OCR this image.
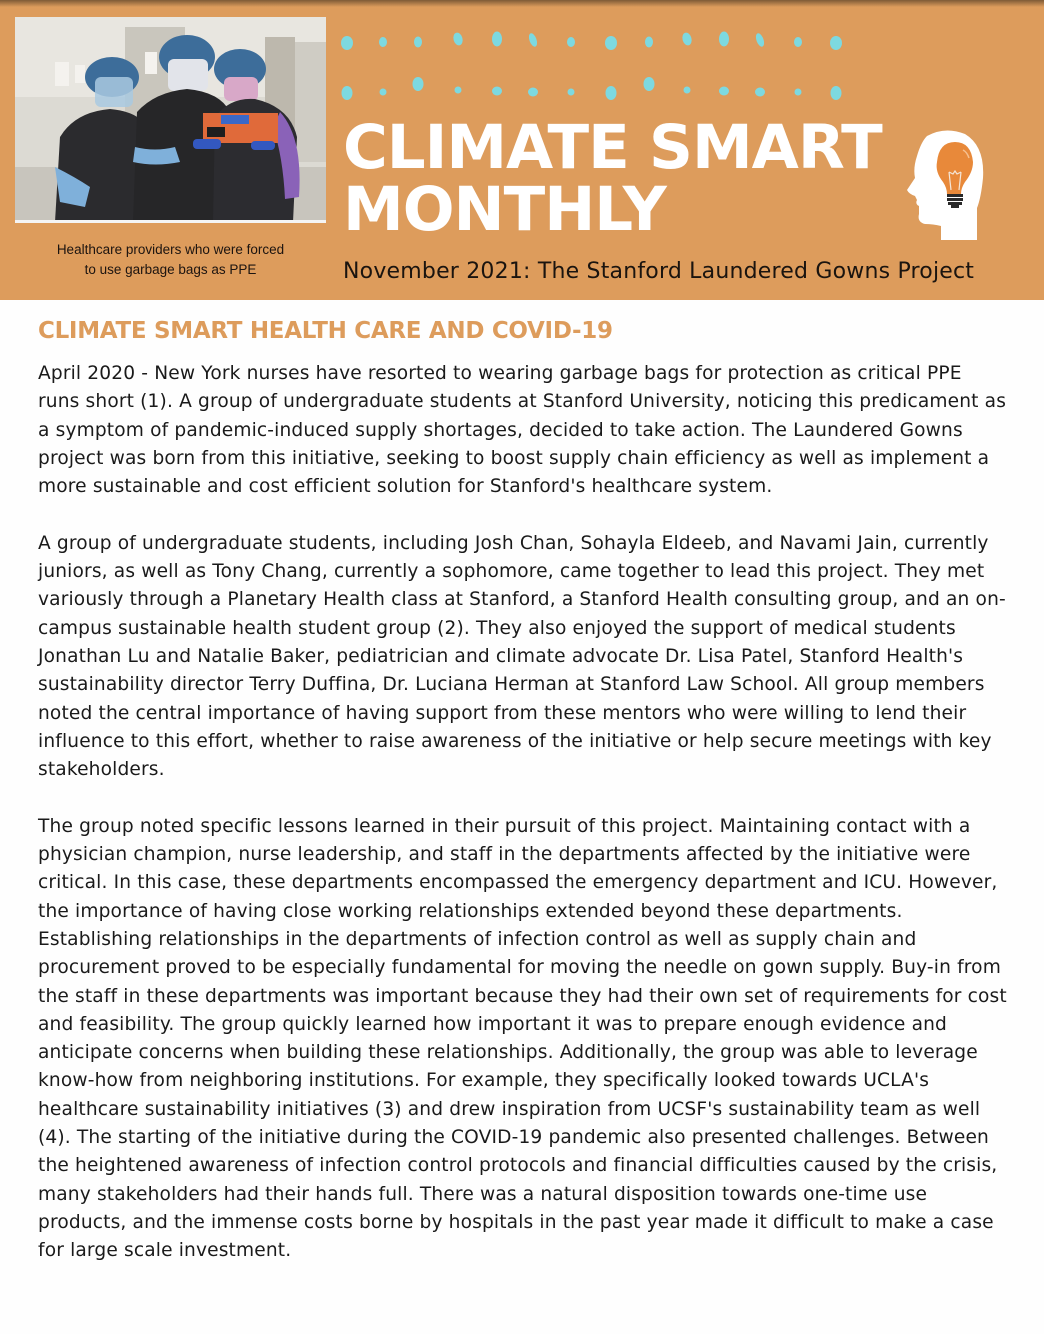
Healthcare providers who were forced
to use garbage bags as PPE
CLIMATE SMART
MONTHLY
November 2021: The Stanford Laundered Gowns Project
CLIMATE SMART HEALTH CARE AND COVID-19

April 2020 - New York nurses have resorted to wearing garbage bags for protection as critical PPE runs short (1). A group of undergraduate students at Stanford University, noticing this predicament as a symptom of pandemic-induced supply shortages, decided to take action. The Laundered Gowns project was born from this initiative, seeking to boost supply chain efficiency as well as implement a more sustainable and cost efficient solution for Stanford's healthcare system.

A group of undergraduate students, including Josh Chan, Sohayla Eldeeb, and Navami Jain, currently juniors, as well as Tony Chang, currently a sophomore, came together to lead this project. They met variously through a Planetary Health class at Stanford, a Stanford Health consulting group, and an on-campus sustainable health student group (2). They also enjoyed the support of medical students Jonathan Lu and Natalie Baker, pediatrician and climate advocate Dr. Lisa Patel, Stanford Health's sustainability director Terry Duffina, Dr. Luciana Herman at Stanford Law School. All group members noted the central importance of having support from these mentors who were willing to lend their influence to this effort, whether to raise awareness of the initiative or help secure meetings with key stakeholders.

The group noted specific lessons learned in their pursuit of this project. Maintaining contact with a physician champion, nurse leadership, and staff in the departments affected by the initiative were critical. In this case, these departments encompassed the emergency department and ICU. However, the importance of having close working relationships extended beyond these departments. Establishing relationships in the departments of infection control as well as supply chain and procurement proved to be especially fundamental for moving the needle on gown supply. Buy-in from the staff in these departments was important because they had their own set of requirements for cost and feasibility. The group quickly learned how important it was to prepare enough evidence and anticipate concerns when building these relationships. Additionally, the group was able to leverage know-how from neighboring institutions. For example, they specifically looked towards UCLA's healthcare sustainability initiatives (3) and drew inspiration from UCSF's sustainability team as well (4). The starting of the initiative during the COVID-19 pandemic also presented challenges. Between the heightened awareness of infection control protocols and financial difficulties caused by the crisis, many stakeholders had their hands full. There was a natural disposition towards one-time use products, and the immense costs borne by hospitals in the past year made it difficult to make a case for large scale investment.
